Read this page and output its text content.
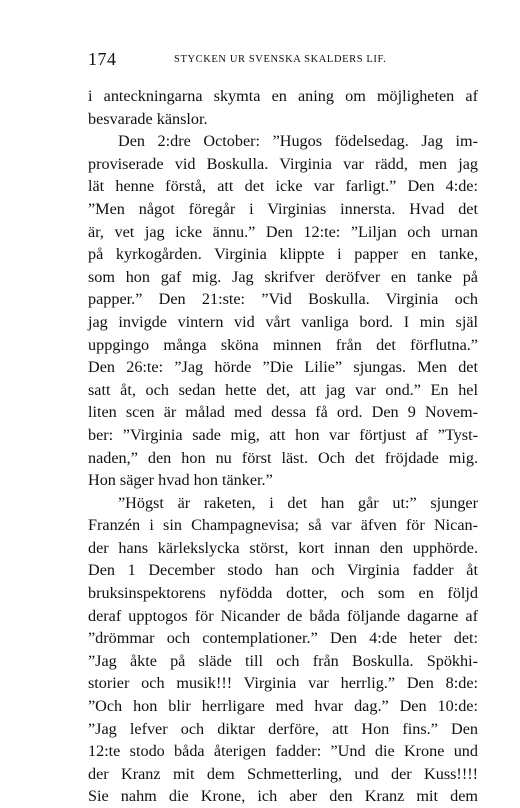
174	STYCKEN UR SVENSKA SKALDERS LIF.
i anteckningarna skymta en aning om möjligheten af
besvarade känslor.
Den 2:dre October: ”Hugos födelsedag. Jag im-
proviserade vid Boskulla. Virginia var rädd, men jag
lät henne förstå, att det icke var farligt.” Den 4:de:
”Men något föregår i Virginias innersta. Hvad det
är, vet jag icke ännu.” Den 12:te: ”Liljan och urnan
på kyrkogården. Virginia klippte i papper en tanke,
som hon gaf mig. Jag skrifver deröfver en tanke på
papper.” Den 21:ste: ”Vid Boskulla. Virginia och
jag invigde vintern vid vårt vanliga bord. I min själ
uppgingo många sköna minnen från det förflutna.”
Den 26:te: ”Jag hörde ”Die Lilie” sjungas. Men det
satt åt, och sedan hette det, att jag var ond.” En hel
liten scen är målad med dessa få ord. Den 9 Novem-
ber: ”Virginia sade mig, att hon var förtjust af ”Tyst-
naden,” den hon nu först läst. Och det fröjdade mig.
Hon säger hvad hon tänker.”
”Högst är raketen, i det han går ut:” sjunger
Franzén i sin Champagnevisa; så var äfven för Nican-
der hans kärlekslycka störst, kort innan den upphörde.
Den 1 December stodo han och Virginia fadder åt
bruksinspektorens nyfödda dotter, och som en följd
deraf upptogos för Nicander de båda följande dagarne af
”drömmar och contemplationer.” Den 4:de heter det:
”Jag åkte på släde till och från Boskulla. Spökhi-
storier och musik!!! Virginia var herrlig.” Den 8:de:
”Och hon blir herrligare med hvar dag.” Den 10:de:
”Jag lefver och diktar derföre, att Hon fins.” Den
12:te stodo båda återigen fadder: ”Und die Krone und
der Kranz mit dem Schmetterling, und der Kuss!!!!
Sie nahm die Krone, ich aber den Kranz mit dem
